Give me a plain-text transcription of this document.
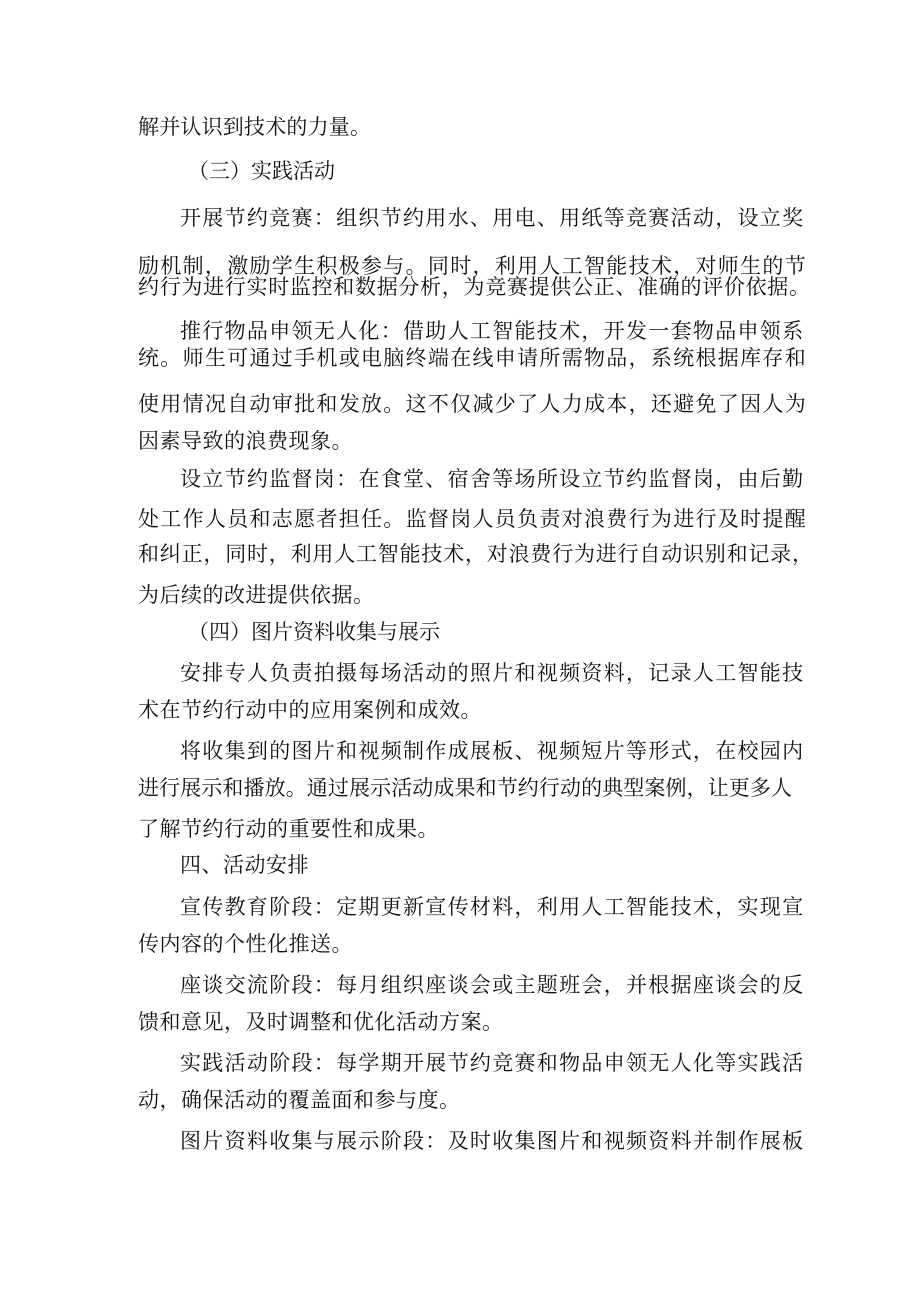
解并认识到技术的力量。

（三）实践活动

开展节约竞赛：组织节约用水、用电、用纸等竞赛活动，设立奖

励机制，激励学生积极参与。同时，利用人工智能技术，对师生的节

约行为进行实时监控和数据分析，为竞赛提供公正、准确的评价依据。

推行物品申领无人化：借助人工智能技术，开发一套物品申领系

统。师生可通过手机或电脑终端在线申请所需物品，系统根据库存和

使用情况自动审批和发放。这不仅减少了人力成本，还避免了因人为

因素导致的浪费现象。

设立节约监督岗：在食堂、宿舍等场所设立节约监督岗，由后勤

处工作人员和志愿者担任。监督岗人员负责对浪费行为进行及时提醒

和纠正，同时，利用人工智能技术，对浪费行为进行自动识别和记录，

为后续的改进提供依据。

（四）图片资料收集与展示

安排专人负责拍摄每场活动的照片和视频资料，记录人工智能技

术在节约行动中的应用案例和成效。

将收集到的图片和视频制作成展板、视频短片等形式，在校园内

进行展示和播放。通过展示活动成果和节约行动的典型案例，让更多人

了解节约行动的重要性和成果。

四、活动安排

宣传教育阶段：定期更新宣传材料，利用人工智能技术，实现宣

传内容的个性化推送。

座谈交流阶段：每月组织座谈会或主题班会，并根据座谈会的反

馈和意见，及时调整和优化活动方案。

实践活动阶段：每学期开展节约竞赛和物品申领无人化等实践活

动，确保活动的覆盖面和参与度。

图片资料收集与展示阶段：及时收集图片和视频资料并制作展板
